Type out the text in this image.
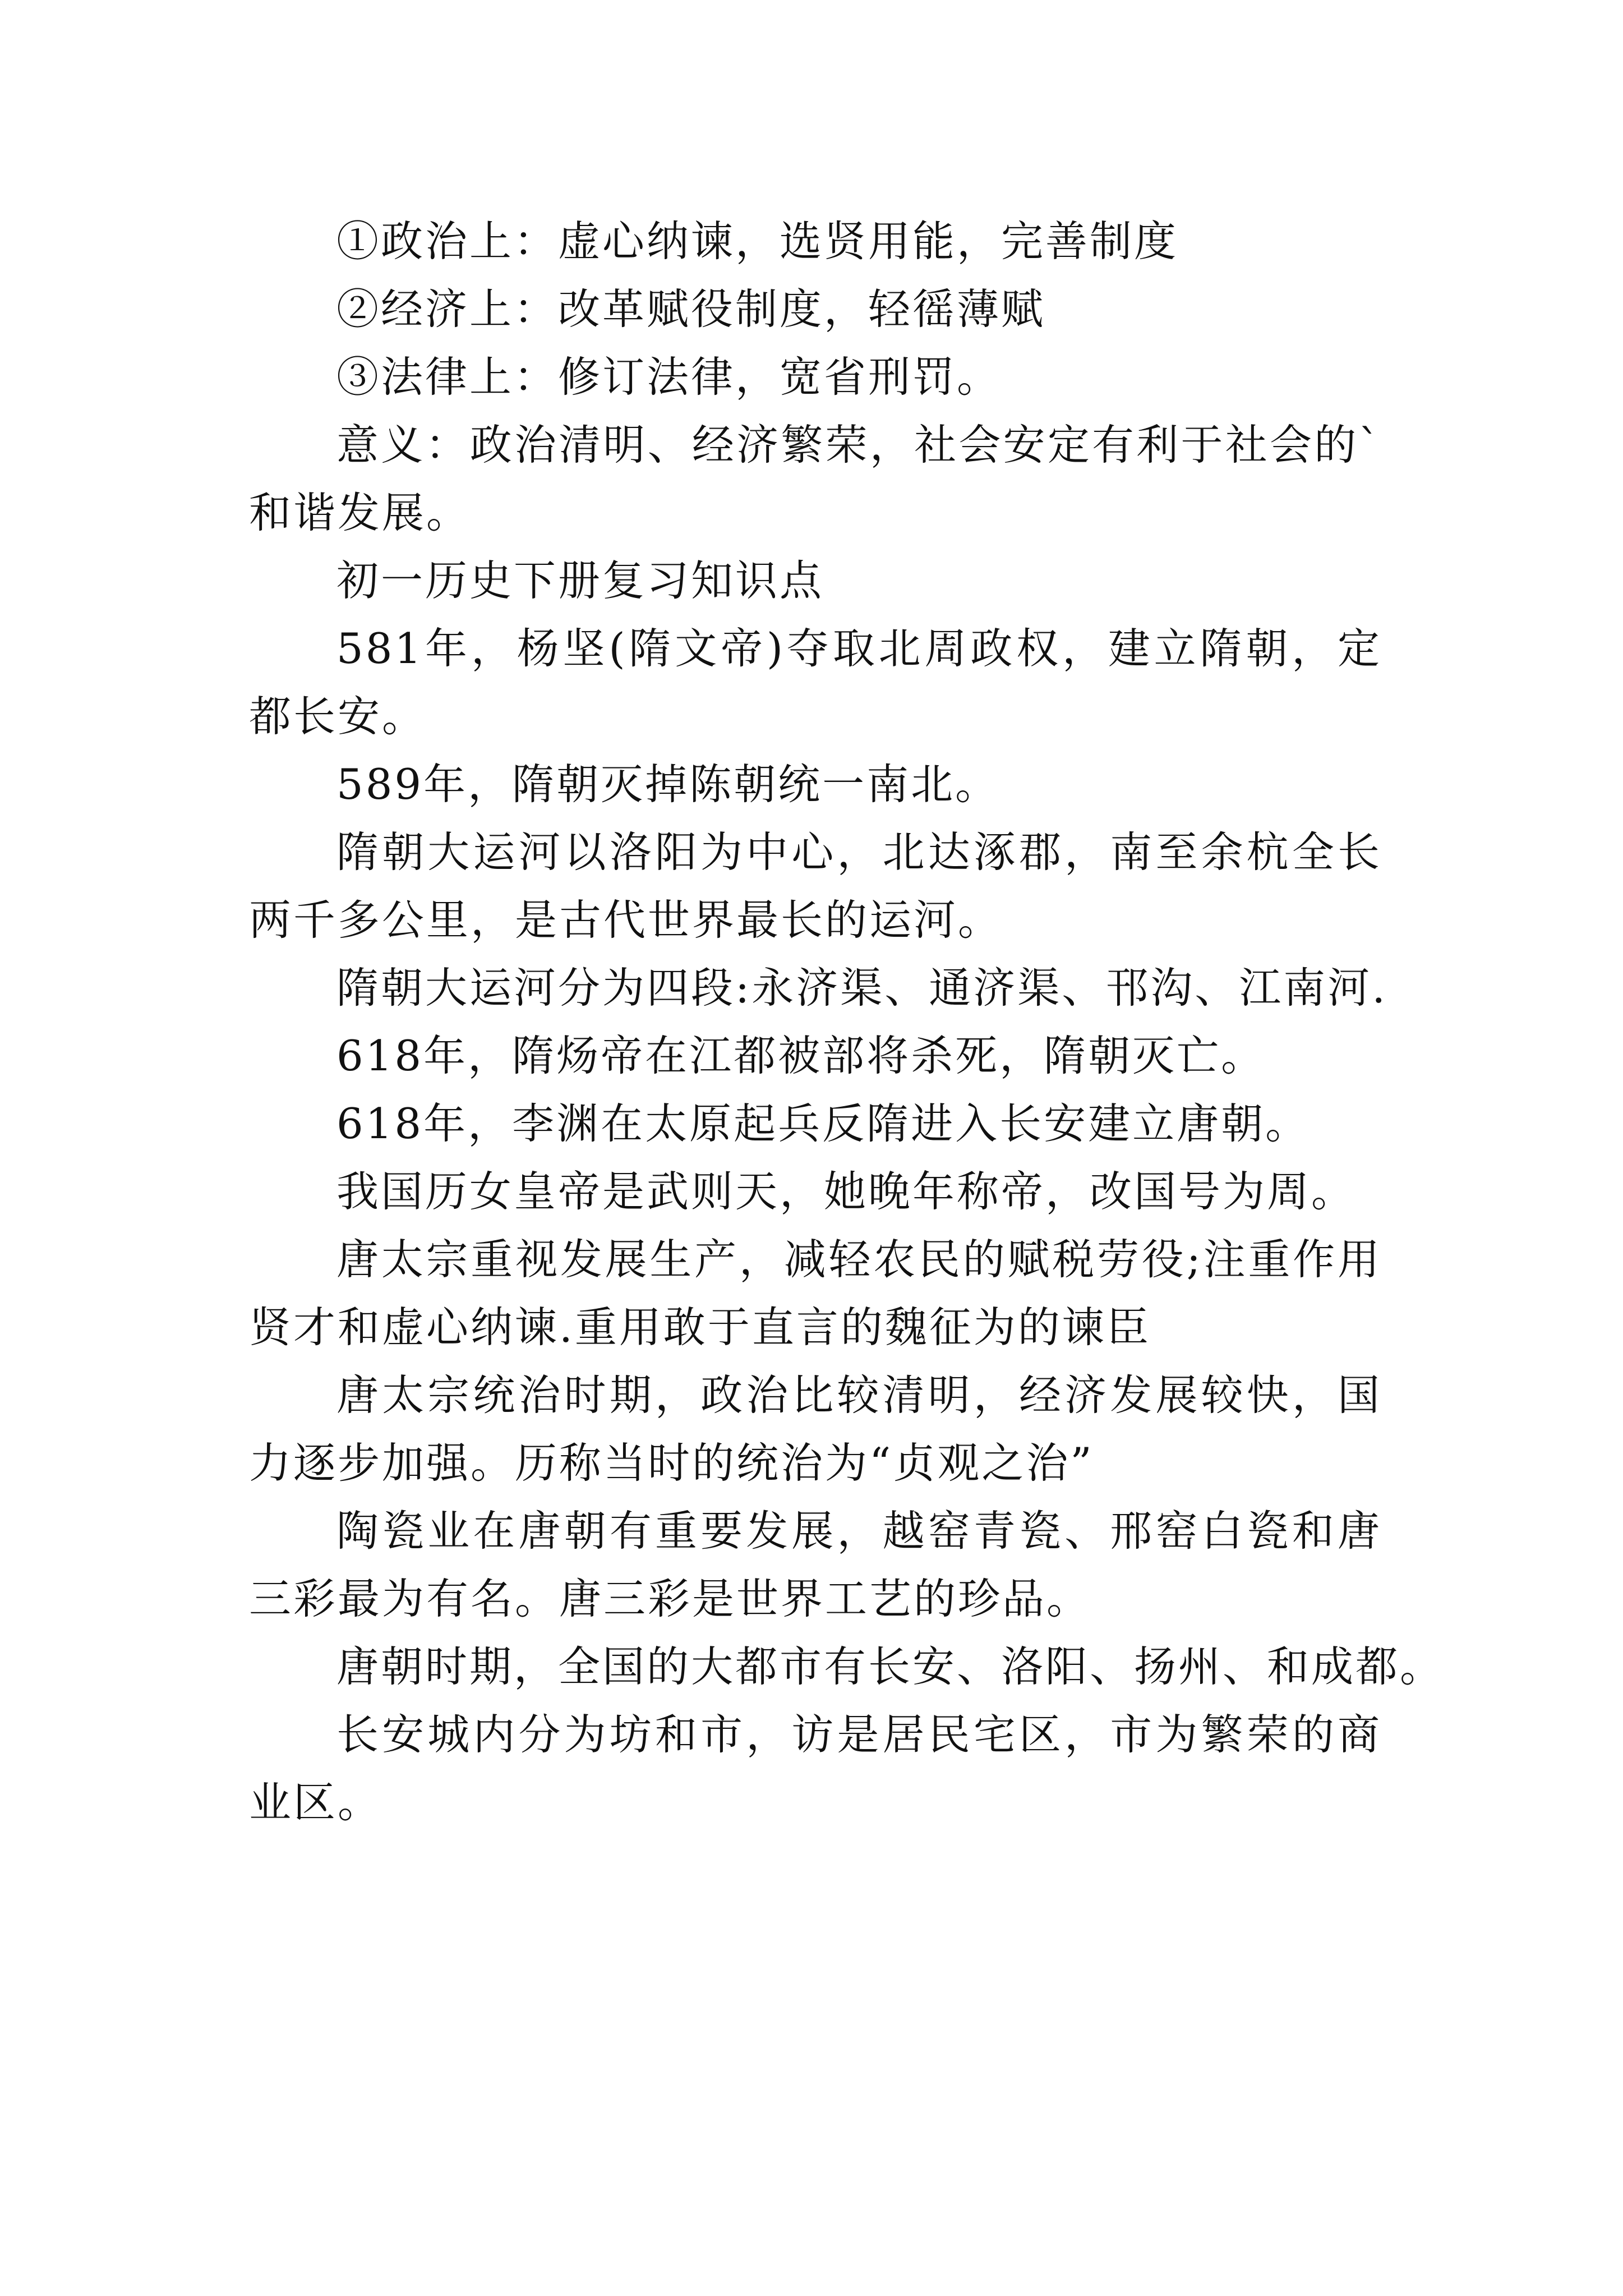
①政治上：虚心纳谏，选贤用能，完善制度

②经济上：改革赋役制度，轻徭薄赋

③法律上：修订法律，宽省刑罚。

意义：政治清明、经济繁荣，社会安定有利于社会的`和谐发展。

初一历史下册复习知识点

581年，杨坚(隋文帝)夺取北周政权，建立隋朝，定都长安。

589年，隋朝灭掉陈朝统一南北。

隋朝大运河以洛阳为中心，北达涿郡，南至余杭全长两千多公里，是古代世界最长的运河。

隋朝大运河分为四段:永济渠、通济渠、邗沟、江南河.

618年，隋炀帝在江都被部将杀死，隋朝灭亡。

618年，李渊在太原起兵反隋进入长安建立唐朝。

我国历女皇帝是武则天，她晚年称帝，改国号为周。

唐太宗重视发展生产，减轻农民的赋税劳役;注重作用贤才和虚心纳谏.重用敢于直言的魏征为的谏臣

唐太宗统治时期，政治比较清明，经济发展较快，国力逐步加强。历称当时的统治为“贞观之治”

陶瓷业在唐朝有重要发展，越窑青瓷、邢窑白瓷和唐三彩最为有名。唐三彩是世界工艺的珍品。

唐朝时期，全国的大都市有长安、洛阳、扬州、和成都。

长安城内分为坊和市，访是居民宅区，市为繁荣的商业区。
